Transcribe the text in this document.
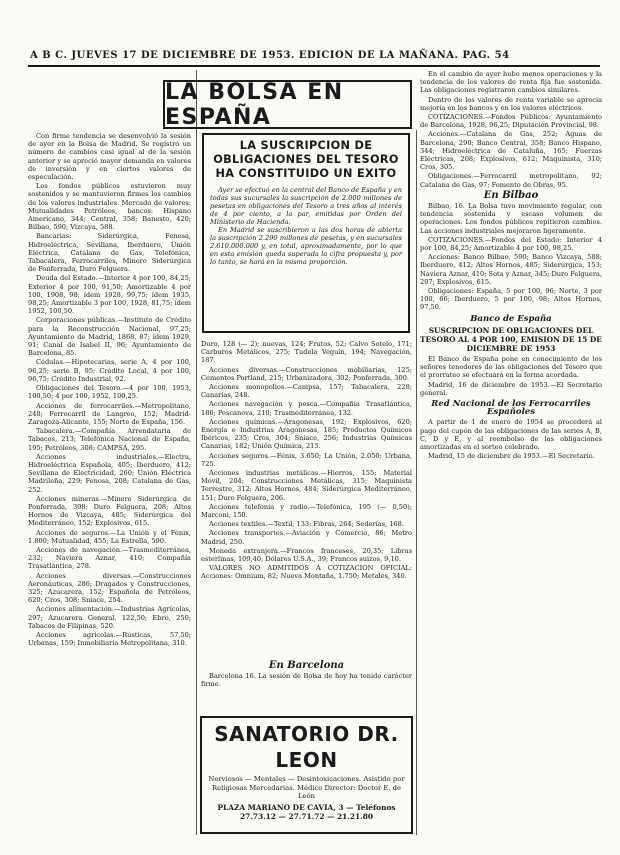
A B C. JUEVES 17 DE DICIEMBRE DE 1953. EDICION DE LA MAÑANA. PAG. 54

Con firme tendencia se desenvolvió la sesión de ayer en la Bolsa de Madrid. Se registró un número de cambios casi igual al de la sesión anterior y se apreció mayor demanda en valores de inversión y en ciertos valores de especulación.

Los fondos públicos estuvieron muy sostenidos y se mantuvieron firmes los cambios de los valores industriales. Mercado de valores: Mutualidades Petróleos, bancos: Hispano Americano, 344; Central, 358; Banesto, 420; Bilbao, 590; Vizcaya, 588.

Bancarias: Siderúrgica, Fenosa, Hidroeléctrica, Sevillana, Iberduero, Unión Eléctrica, Catalana de Gas, Telefónica, Tabacalera, Ferrocarriles, Minero Siderúrgica de Ponferrada, Duro Felguera.

Deuda del Estado.—Interior 4 por 100, 84,25; Exterior 4 por 100, 91,50; Amortizable 4 por 100, 1908, 98; ídem 1928, 99,75; ídem 1935, 98,25; Amortizable 3 por 100, 1928, 81,75; ídem 1952, 100,50.

Corporaciones públicas.—Instituto de Crédito para la Reconstrucción Nacional, 97,25; Ayuntamiento de Madrid, 1868, 87; ídem 1929, 91; Canal de Isabel II, 96; Ayuntamiento de Barcelona, 85.

Cédulas.—Hipotecarias, serie A, 4 por 100, 96,25; serie B, 95; Crédito Local, 4 por 100, 96,75; Crédito Industrial, 92.

Obligaciones del Tesoro.—4 por 100, 1953, 100,50; 4 por 100, 1952, 100,25.

Acciones de ferrocarriles.—Metropolitano, 248; Ferrocarril de Langreo, 152; Madrid-Zaragoza-Alicante, 155; Norte de España, 156.

Tabacalera.—Compañía Arrendataria de Tabacos, 213; Telefónica Nacional de España, 195; Petróleos, 308; CAMPSA, 295.

Acciones industriales.—Electra, Hidroeléctrica Española, 405; Iberduero, 412; Sevillana de Electricidad, 260; Unión Eléctrica Madrileña, 229; Fenosa, 208; Catalana de Gas, 252.

Acciones mineras.—Minero Siderúrgica de Ponferrada, 398; Duro Felguera, 208; Altos Hornos de Vizcaya, 485; Siderúrgica del Mediterráneo, 152; Explosivos, 615.

Acciones de seguros.—La Unión y el Fénix, 1.800; Mutualidad, 455; La Estrella, 590.

Acciones de navegación.—Trasmediterránea, 232; Naviera Aznar, 410; Compañía Trasatlántica, 278.

Acciones diversas.—Construcciones Aeronáuticas, 286; Dragados y Construcciones, 325; Azucarera, 152; Española de Petróleos, 620; Cros, 308; Sniace, 254.

Acciones alimentación.—Industrias Agrícolas, 297; Azucarera General, 122,50; Ebro, 250; Tabacos de Filipinas, 520.

Acciones agrícolas.—Rústicas, 57,50; Urbanas, 159; Inmobiliaria Metropolitana, 310.

LA BOLSA EN ESPAÑA
LA SUSCRIPCION DE OBLIGACIONES DEL TESORO HA CONSTITUIDO UN EXITO

Ayer se efectuó en la central del Banco de España y en todas sus sucursales la suscripción de 2.000 millones de pesetas en obligaciones del Tesoro a tres años al interés de 4 por ciento, a la par, emitidas por Orden del Ministerio de Hacienda.

En Madrid se suscribieron a las dos horas de abierta la suscripción 2.290 millones de pesetas, y en sucursales 2.610.000.000 y, en total, aproximadamente, por lo que en esta emisión queda superada la cifra propuesta y, por lo tanto, se hará en la misma proporción.

Duro, 128 (— 2); nuevas, 124; Frutos, 52; Calvo Sotelo, 171; Carburos Metálicos, 275; Tudela Veguín, 194; Navegación, 187.

Acciones diversas.—Construcciones mobiliarias, 125; Cementos Portland, 215; Urbanizadora, 302; Ponferrada, 300.

Acciones monopolios.—Campsa, 157; Tabacalera, 228; Canarias, 248.

Acciones navegación y pesca.—Compañía Trasatlántica, 186; Pescanova, 210; Trasmediterránea, 132.

Acciones químicas.—Aragonesas, 192; Explosivos, 620; Energía e Industrias Aragonesas, 185; Productos Químicos Ibéricos, 235; Cros, 304; Sniace, 256; Industrias Químicas Canarias, 182; Unión Química, 215.

Acciones seguros.—Fénix, 3.650; La Unión, 2.050; Urbana, 725.

Acciones industrias metálicas.—Hierros, 155; Material Móvil, 204; Construcciones Metálicas, 315; Maquinista Terrestre, 312; Altos Hornos, 484; Siderúrgica Mediterráneo, 151; Duro Felguera, 206.

Acciones telefonía y radio.—Telefónica, 195 (— 0,50); Marconi, 150.

Acciones textiles.—Textil, 133; Fibras, 264; Sederías, 168.

Acciones transportes.—Aviación y Comercio, 86; Metro Madrid, 250.

Moneda extranjera.—Francos franceses, 20,35; Libras esterlinas, 109,40; Dólares U.S.A., 39; Francos suizos, 9,10.

VALORES NO ADMITIDOS A COTIZACION OFICIAL: Acciones: Omnium, 82; Nueva Montaña, 1.750; Metales, 340.

En Barcelona

Barcelona 16. La sesión de Bolsa de hoy ha tenido carácter firme.

SANATORIO DR. LEON

Nerviosos — Mentales — Desintoxicaciones. Asistido por Religiosas Mercedarias. Médico Director: Doctor E. de León

PLAZA MARIANO DE CAVIA, 3 — Teléfonos 27.73.12 — 27.71.72 — 21.21.80

En el cambio de ayer hubo menos operaciones y la tendencia de los valores de renta fija fue sostenida. Las obligaciones registraron cambios similares.

Dentro de los valores de renta variable se aprecia mejoría en los bancos y en los valores eléctricos.

COTIZACIONES.—Fondos Públicos: Ayuntamiento de Barcelona, 1928, 96,25; Diputación Provincial, 98.

Acciones.—Catalana de Gas, 252; Aguas de Barcelona, 290; Banco Central, 358; Banco Hispano, 344; Hidroeléctrica de Cataluña, 165; Fuerzas Eléctricas, 208; Explosivos, 612; Maquinista, 310; Cros, 305.

Obligaciones.—Ferrocarril metropolitano, 92; Catalana de Gas, 97; Fomento de Obras, 95.

En Bilbao

Bilbao, 16. La Bolsa tuvo movimiento regular, con tendencia sostenida y escaso volumen de operaciones. Los fondos públicos repitieron cambios. Las acciones industriales mejoraron ligeramente.

COTIZACIONES.—Fondos del Estado: Interior 4 por 100, 84,25; Amortizable 4 por 100, 98,25.

Acciones: Banco Bilbao, 590; Banco Vizcaya, 588; Iberduero, 412; Altos Hornos, 485; Siderúrgica, 153; Naviera Aznar, 410; Sota y Aznar, 345; Duro Felguera, 207; Explosivos, 615.

Obligaciones: España, 5 por 100, 96; Norte, 3 por 100, 66; Iberduero, 5 por 100, 98; Altos Hornos, 97,50.

Banco de España
SUSCRIPCION DE OBLIGACIONES DEL TESORO AL 4 POR 100, EMISION DE 15 DE DICIEMBRE DE 1953

El Banco de España pone en conocimiento de los señores tenedores de las obligaciones del Tesoro que el prorrateo se efectuará en la forma acordada.

Madrid, 16 de diciembre de 1953.—El Secretario general.

Red Nacional de los Ferrocarriles Españoles

A partir de 1 de enero de 1954 se procederá al pago del cupón de las obligaciones de las series A, B, C, D y E, y al reembolso de las obligaciones amortizadas en el sorteo celebrado.

Madrid, 15 de diciembre de 1953.—El Secretario.
